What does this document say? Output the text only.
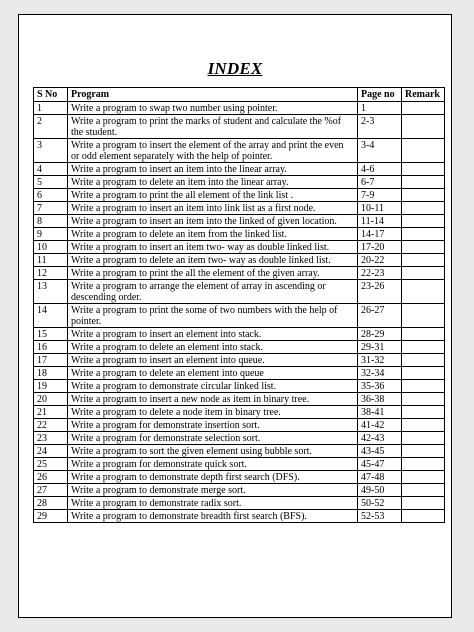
INDEX
S No	Program	Page no	Remark
1	Write a program to swap two number using pointer.	1	
2	Write a program to print the marks of student and calculate the %of the student.	2-3	
3	Write a program to insert the element of the array and print the even or odd element separately with the help of pointer.	3-4	
4	Write a program to insert an item into the linear array.	4-6	
5	Write a program to delete an item into the linear array.	6-7	
6	Write a program to print the all element of the link list .	7-9	
7	Write a program to insert an item into link list as a first node.	10-11	
8	Write a program to insert an item into the linked of given location.	11-14	
9	Write a program to delete an item from the linked list.	14-17	
10	Write a program to insert an item two- way as double linked list.	17-20	
11	Write a program to delete an item two- way as double linked list.	20-22	
12	Write a program to print the all the element of the given array.	22-23	
13	Write a program to arrange the element of array in ascending or descending order.	23-26	
14	Write a program to print the some of two numbers with the help of pointer.	26-27	
15	Write a program to insert an element into stack.	28-29	
16	Write a program to delete an element into stack.	29-31	
17	Write a program to insert an element into queue.	31-32	
18	Write a program to delete an element into queue	32-34	
19	Write a program to demonstrate circular linked list.	35-36	
20	Write a program to insert a new node as item in binary tree.	36-38	
21	Write a program to delete a node item in binary tree.	38-41	
22	Write a program for demonstrate insertion sort.	41-42	
23	Write a program for demonstrate selection sort.	42-43	
24	Write a program to sort the given element using bubble sort.	43-45	
25	Write a program for demonstrate quick sort.	45-47	
26	Write a program to demonstrate depth first search (DFS).	47-48	
27	Write a program to demonstrate merge sort.	49-50	
28	Write a program to demonstrate radix sort.	50-52	
29	Write a program to demonstrate breadth first search (BFS).	52-53	
